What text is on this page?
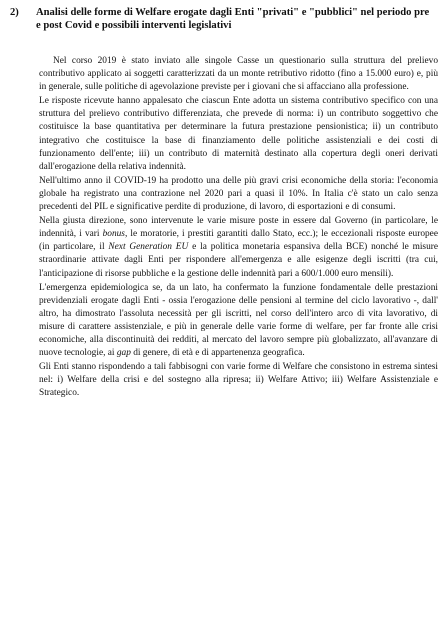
2) Analisi delle forme di Welfare erogate dagli Enti "privati" e "pubblici" nel periodo pre e post Covid e possibili interventi legislativi

Nel corso 2019 è stato inviato alle singole Casse un questionario sulla struttura del prelievo contributivo applicato ai soggetti caratterizzati da un monte retributivo ridotto (fino a 15.000 euro) e, più in generale, sulle politiche di agevolazione previste per i giovani che si affacciano alla professione.

Le risposte ricevute hanno appalesato che ciascun Ente adotta un sistema contributivo specifico con una struttura del prelievo contributivo differenziata, che prevede di norma: i) un contributo soggettivo che costituisce la base quantitativa per determinare la futura prestazione pensionistica; ii) un contributo integrativo che costituisce la base di finanziamento delle politiche assistenziali e dei costi di funzionamento dell'ente; iii) un contributo di maternità destinato alla copertura degli oneri derivati dall'erogazione della relativa indennità.

Nell'ultimo anno il COVID-19 ha prodotto una delle più gravi crisi economiche della storia: l'economia globale ha registrato una contrazione nel 2020 pari a quasi il 10%. In Italia c'è stato un calo senza precedenti del PIL e significative perdite di produzione, di lavoro, di esportazioni e di consumi.

Nella giusta direzione, sono intervenute le varie misure poste in essere dal Governo (in particolare, le indennità, i vari bonus, le moratorie, i prestiti garantiti dallo Stato, ecc.); le eccezionali risposte europee (in particolare, il Next Generation EU e la politica monetaria espansiva della BCE) nonché le misure straordinarie attivate dagli Enti per rispondere all'emergenza e alle esigenze degli iscritti (tra cui, l'anticipazione di risorse pubbliche e la gestione delle indennità pari a 600/1.000 euro mensili).

L'emergenza epidemiologica se, da un lato, ha confermato la funzione fondamentale delle prestazioni previdenziali erogate dagli Enti - ossia l'erogazione delle pensioni al termine del ciclo lavorativo -, dall' altro, ha dimostrato l'assoluta necessità per gli iscritti, nel corso dell'intero arco di vita lavorativo, di misure di carattere assistenziale, e più in generale delle varie forme di welfare, per far fronte alle crisi economiche, alla discontinuità dei redditi, al mercato del lavoro sempre più globalizzato, all'avanzare di nuove tecnologie, ai gap di genere, di età e di appartenenza geografica.

Gli Enti stanno rispondendo a tali fabbisogni con varie forme di Welfare che consistono in estrema sintesi nel: i) Welfare della crisi e del sostegno alla ripresa; ii) Welfare Attivo; iii) Welfare Assistenziale e Strategico.
